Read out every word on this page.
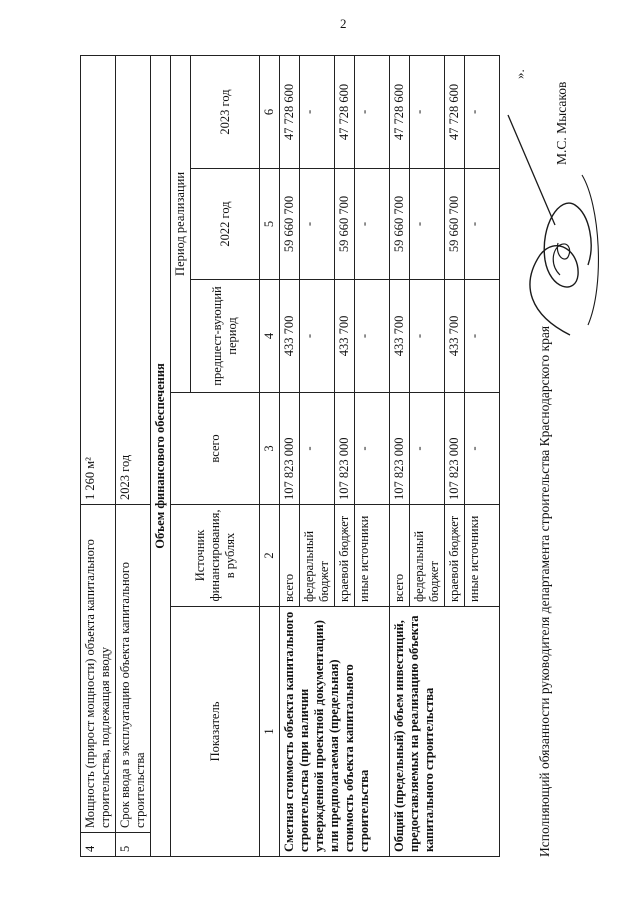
2
4	Мощность (прирост мощности) объекта капитального строительства, подлежащая вводу		1 260 м²			
5	Срок ввода в эксплуатацию объекта капитального строительства		2023 год			
Объем финансового обеспечения						
Показатель		Источник финансирования, в рублях	всего	Период реализации		
				предшест-вующий период	2022 год	2023 год
1		2	3	4	5	6
Сметная стоимость объекта капитального строительства (при наличии утвержденной проектной документации) или предполагаемая (предельная) стоимость объекта капитального строительства		всего	107 823 000	433 700	59 660 700	47 728 600
		федеральный бюджет	-	-	-	-
		краевой бюджет	107 823 000	433 700	59 660 700	47 728 600
		иные источники	-	-	-	-
Общий (предельный) объем инвестиций, предоставляемых на реализацию объекта капитального строительства		всего	107 823 000	433 700	59 660 700	47 728 600
		федеральный бюджет	-	-	-	-
		краевой бюджет	107 823 000	433 700	59 660 700	47 728 600
		иные источники	-	-	-	-
».
Исполняющий обязанности руководителя департамента строительства Краснодарского края
М.С. Мысаков
